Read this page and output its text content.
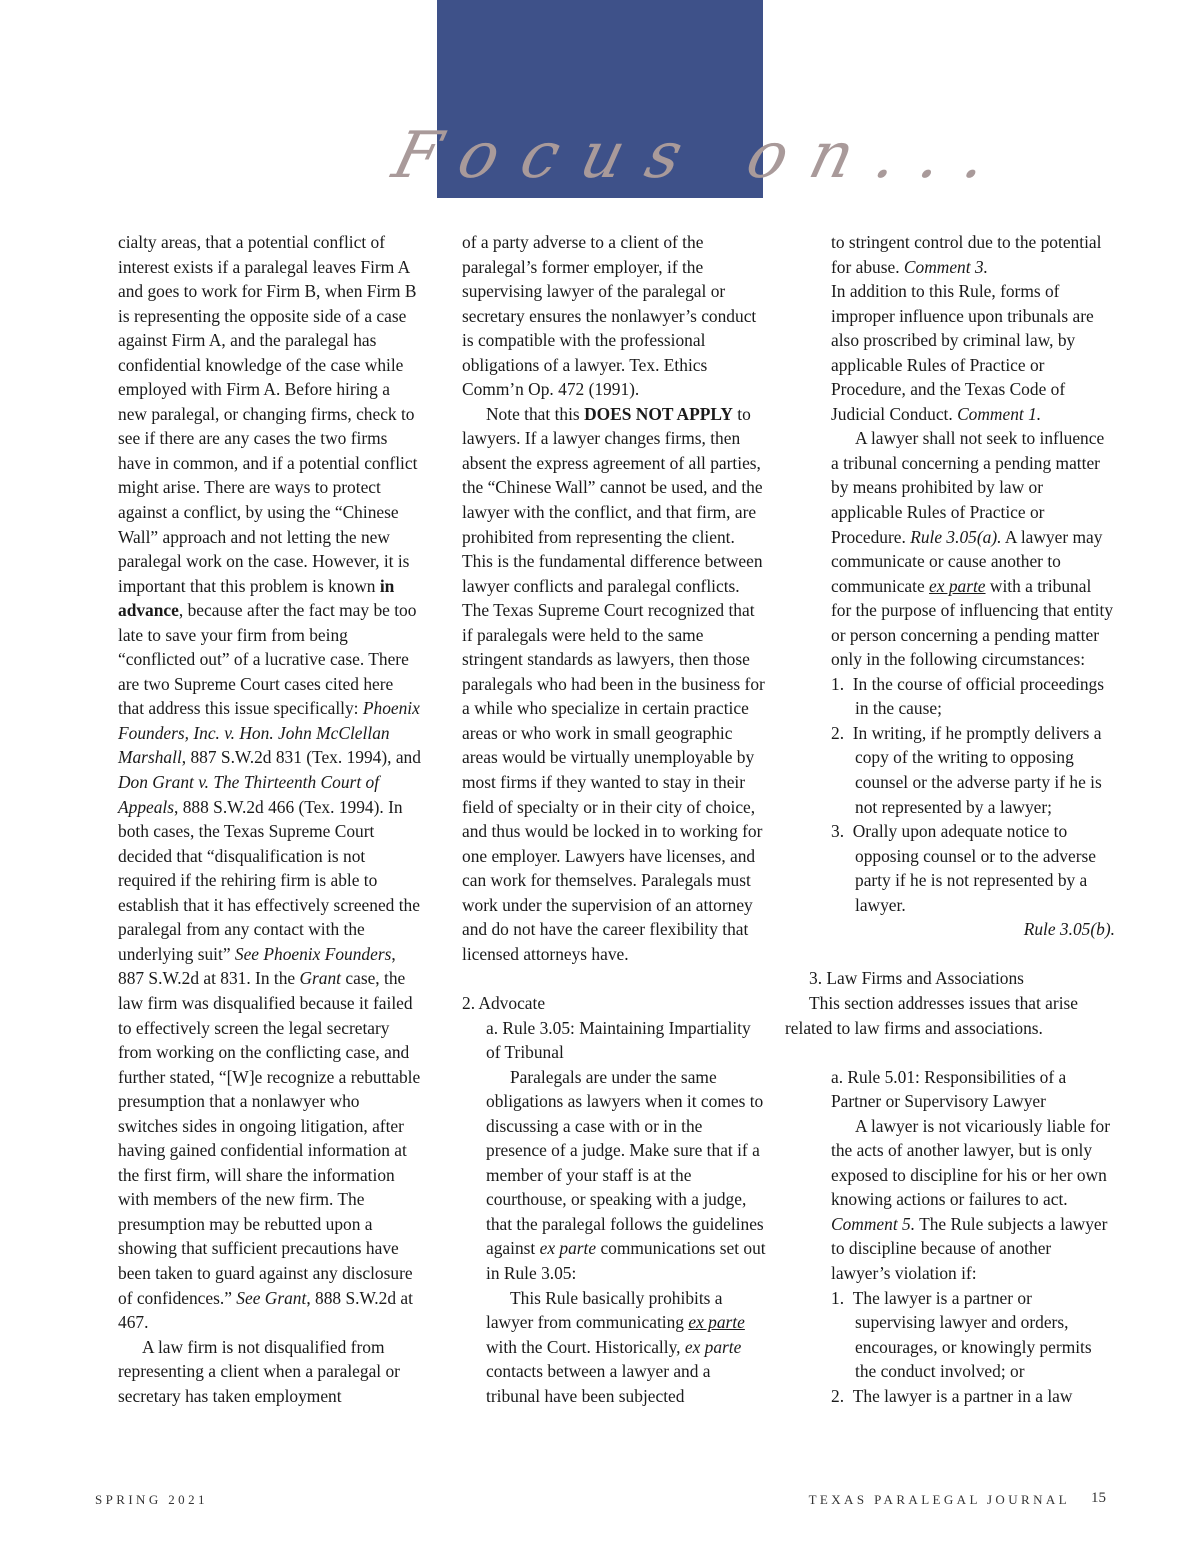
Focus on...

cialty areas, that a potential conflict of interest exists if a paralegal leaves Firm A and goes to work for Firm B, when Firm B is representing the opposite side of a case against Firm A, and the paralegal has confidential knowledge of the case while employed with Firm A. Before hiring a new paralegal, or changing firms, check to see if there are any cases the two firms have in common, and if a potential conflict might arise. There are ways to protect against a conflict, by using the “Chinese Wall” approach and not letting the new paralegal work on the case. However, it is important that this problem is known in advance, because after the fact may be too late to save your firm from being “conflicted out” of a lucrative case. There are two Supreme Court cases cited here that address this issue specifically: Phoenix Founders, Inc. v. Hon. John McClellan Marshall, 887 S.W.2d 831 (Tex. 1994), and Don Grant v. The Thirteenth Court of Appeals, 888 S.W.2d 466 (Tex. 1994). In both cases, the Texas Supreme Court decided that “disqualification is not required if the rehiring firm is able to establish that it has effectively screened the paralegal from any contact with the underlying suit” See Phoenix Founders, 887 S.W.2d at 831. In the Grant case, the law firm was disqualified because it failed to effectively screen the legal secretary from working on the conflicting case, and further stated, “[W]e recognize a rebuttable presumption that a nonlawyer who switches sides in ongoing litigation, after having gained confidential information at the first firm, will share the information with members of the new firm. The presumption may be rebutted upon a showing that sufficient precautions have been taken to guard against any disclosure of confidences.” See Grant, 888 S.W.2d at 467.

A law firm is not disqualified from representing a client when a paralegal or secretary has taken employment

of a party adverse to a client of the paralegal’s former employer, if the supervising lawyer of the paralegal or secretary ensures the nonlawyer’s conduct is compatible with the professional obligations of a lawyer. Tex. Ethics Comm’n Op. 472 (1991).

Note that this DOES NOT APPLY to lawyers. If a lawyer changes firms, then absent the express agreement of all parties, the “Chinese Wall” cannot be used, and the lawyer with the conflict, and that firm, are prohibited from representing the client. This is the fundamental difference between lawyer conflicts and paralegal conflicts. The Texas Supreme Court recognized that if paralegals were held to the same stringent standards as lawyers, then those paralegals who had been in the business for a while who specialize in certain practice areas or who work in small geographic areas would be virtually unemployable by most firms if they wanted to stay in their field of specialty or in their city of choice, and thus would be locked in to working for one employer. Lawyers have licenses, and can work for themselves. Paralegals must work under the supervision of an attorney and do not have the career flexibility that licensed attorneys have.

2. Advocate

a. Rule 3.05: Maintaining Impartiality of Tribunal

Paralegals are under the same obligations as lawyers when it comes to discussing a case with or in the presence of a judge. Make sure that if a member of your staff is at the courthouse, or speaking with a judge, that the paralegal follows the guidelines against ex parte communications set out in Rule 3.05:

This Rule basically prohibits a lawyer from communicating ex parte with the Court. Historically, ex parte contacts between a lawyer and a tribunal have been subjected

to stringent control due to the potential for abuse. Comment 3.

In addition to this Rule, forms of improper influence upon tribunals are also proscribed by criminal law, by applicable Rules of Practice or Procedure, and the Texas Code of Judicial Conduct. Comment 1.

A lawyer shall not seek to influence a tribunal concerning a pending matter by means prohibited by law or applicable Rules of Practice or Procedure. Rule 3.05(a). A lawyer may communicate or cause another to communicate ex parte with a tribunal for the purpose of influencing that entity or person concerning a pending matter only in the following circumstances:

1. In the course of official proceedings in the cause;

2. In writing, if he promptly delivers a copy of the writing to opposing counsel or the adverse party if he is not represented by a lawyer;

3. Orally upon adequate notice to opposing counsel or to the adverse party if he is not represented by a lawyer.

Rule 3.05(b).

3. Law Firms and Associations

This section addresses issues that arise related to law firms and associations.

a. Rule 5.01: Responsibilities of a Partner or Supervisory Lawyer

A lawyer is not vicariously liable for the acts of another lawyer, but is only exposed to discipline for his or her own knowing actions or failures to act. Comment 5. The Rule subjects a lawyer to discipline because of another lawyer’s violation if:

1. The lawyer is a partner or supervising lawyer and orders, encourages, or knowingly permits the conduct involved; or

2. The lawyer is a partner in a law

SPRING 2021	TEXAS PARALEGAL JOURNAL 15
